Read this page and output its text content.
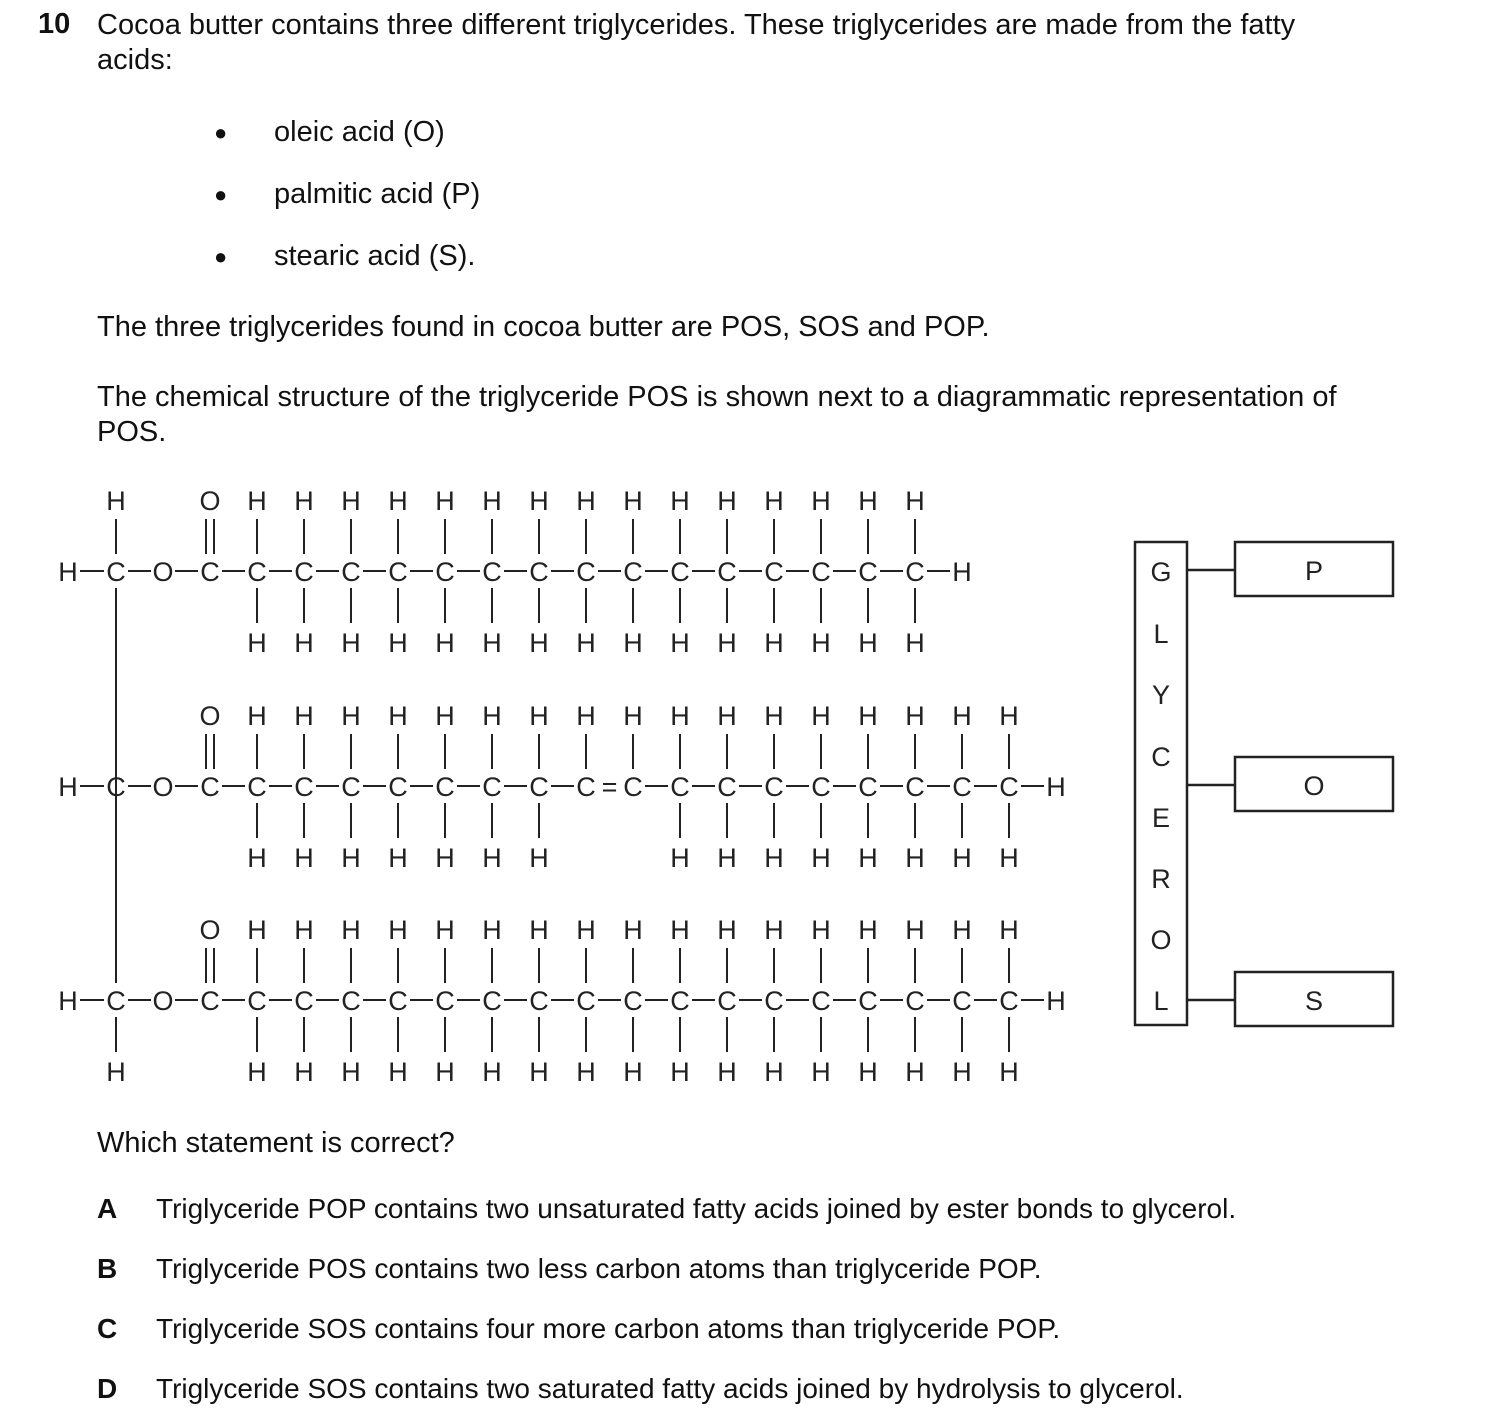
10 Cocoa butter contains three different triglycerides. These triglycerides are made from the fatty
acids:
● oleic acid (O)
● palmitic acid (P)
● stearic acid (S).
The three triglycerides found in cocoa butter are POS, SOS and POP.
The chemical structure of the triglyceride POS is shown next to a diagrammatic representation of
POS.
H
H
H C O C
O
C
H
H
C
H
H
C
H
H
C
H
H
C
H
H
C
H
H
C
H
H
C
H
H
C
H
H
C
H
H
C
H
H
C
H
H
C
H
H
C
H
H
C
H
H
H
H C O C
O
C
H
H
C
H
H
C
H
H
C
H
H
C
H
H
C
H
H
C
H
H
C
H
= C
H
C
H
H
C
H
H
C
H
H
C
H
H
C
H
H
C
H
H
C
H
H
C
H
H
H
H C O C
O
C
H
H
C
H
H
C
H
H
C
H
H
C
H
H
C
H
H
C
H
H
C
H
H
C
H
H
C
H
H
C
H
H
C
H
H
C
H
H
C
H
H
C
H
H
C
H
H
C
H
H
H
P
O
S
G
L
Y
C
E
R
O
L
Which statement is correct?
A Triglyceride POP contains two unsaturated fatty acids joined by ester bonds to glycerol.
B Triglyceride POS contains two less carbon atoms than triglyceride POP.
C Triglyceride SOS contains four more carbon atoms than triglyceride POP.
D Triglyceride SOS contains two saturated fatty acids joined by hydrolysis to glycerol.
